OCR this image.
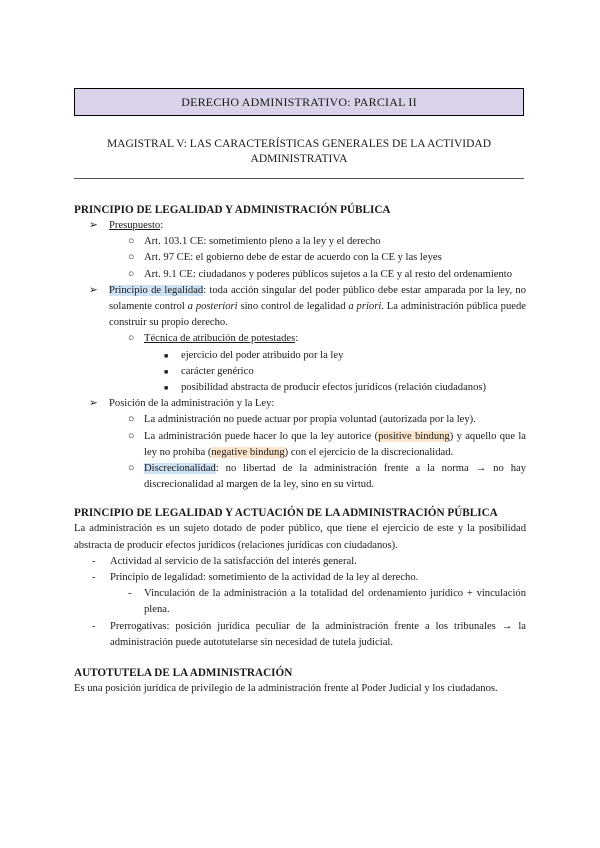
DERECHO ADMINISTRATIVO: PARCIAL II
MAGISTRAL V: LAS CARACTERÍSTICAS GENERALES DE LA ACTIVIDAD
ADMINISTRATIVA
PRINCIPIO DE LEGALIDAD Y ADMINISTRACIÓN PÚBLICA
➢ Presupuesto:
○ Art. 103.1 CE: sometimiento pleno a la ley y el derecho
○ Art. 97 CE: el gobierno debe de estar de acuerdo con la CE y las leyes
○ Art. 9.1 CE: ciudadanos y poderes públicos sujetos a la CE y al resto del ordenamiento
➢ Principio de legalidad: toda acción singular del poder público debe estar amparada por la ley, no solamente control a posteriori sino control de legalidad a priori. La administración pública puede construir su propio derecho.
○ Técnica de atribución de potestades:
■ ejercicio del poder atribuido por la ley
■ carácter genérico
■ posibilidad abstracta de producir efectos jurídicos (relación ciudadanos)
➢ Posición de la administración y la Ley:
○ La administración no puede actuar por propia voluntad (autorizada por la ley).
○ La administración puede hacer lo que la ley autorice (positive bindung) y aquello que la ley no prohíba (negative bindung) con el ejercicio de la discrecionalidad.
○ Discrecionalidad: no libertad de la administración frente a la norma → no hay discrecionalidad al margen de la ley, sino en su virtud.
PRINCIPIO DE LEGALIDAD Y ACTUACIÓN DE LA ADMINISTRACIÓN PÚBLICA

La administración es un sujeto dotado de poder público, que tiene el ejercicio de este y la posibilidad abstracta de producir efectos jurídicos (relaciones jurídicas con ciudadanos).

- Actividad al servicio de la satisfacción del interés general.
- Principio de legalidad: sometimiento de la actividad de la ley al derecho.
- Vinculación de la administración a la totalidad del ordenamiento jurídico + vinculación plena.
- Prerrogativas: posición jurídica peculiar de la administración frente a los tribunales → la administración puede autotutelarse sin necesidad de tutela judicial.
AUTOTUTELA DE LA ADMINISTRACIÓN

Es una posición jurídica de privilegio de la administración frente al Poder Judicial y los ciudadanos.
